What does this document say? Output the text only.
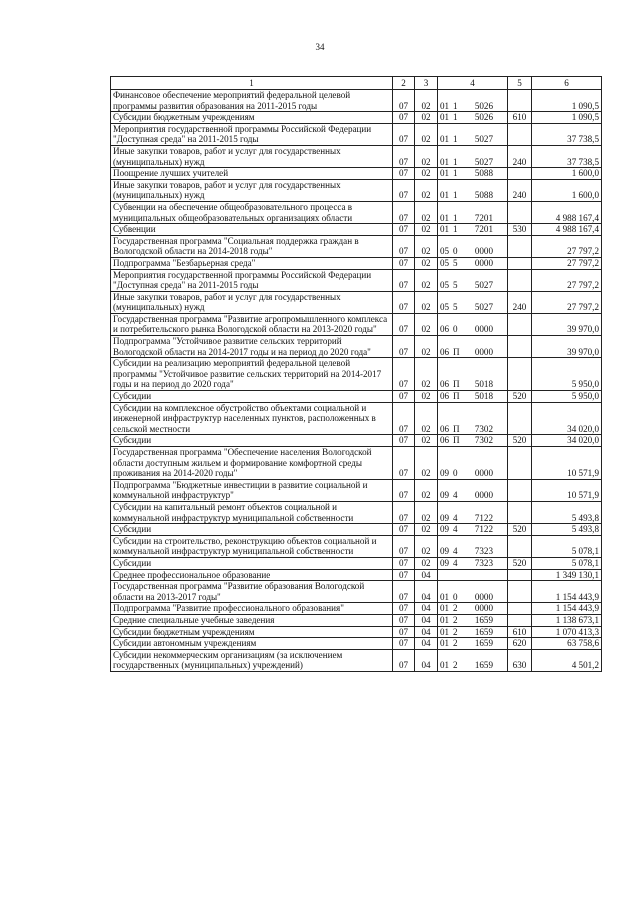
34
1	2	3	4	5	6
Финансовое обеспечение мероприятий федеральной целевой программы развития образования на 2011-2015 годы	07	02	01 1 5026		1 090,5
Субсидии бюджетным учреждениям	07	02	01 1 5026	610	1 090,5
Мероприятия государственной программы Российской Федерации "Доступная среда" на 2011-2015 годы	07	02	01 1 5027		37 738,5
Иные закупки товаров, работ и услуг для государственных (муниципальных) нужд	07	02	01 1 5027	240	37 738,5
Поощрение лучших учителей	07	02	01 1 5088		1 600,0
Иные закупки товаров, работ и услуг для государственных (муниципальных) нужд	07	02	01 1 5088	240	1 600,0
Субвенции на обеспечение общеобразовательного процесса в муниципальных общеобразовательных организациях области	07	02	01 1 7201		4 988 167,4
Субвенции	07	02	01 1 7201	530	4 988 167,4
Государственная программа "Социальная поддержка граждан в Вологодской области на 2014-2018 годы"	07	02	05 0 0000		27 797,2
Подпрограмма "Безбарьерная среда"	07	02	05 5 0000		27 797,2
Мероприятия государственной программы Российской Федерации "Доступная среда" на 2011-2015 годы	07	02	05 5 5027		27 797,2
Иные закупки товаров, работ и услуг для государственных (муниципальных) нужд	07	02	05 5 5027	240	27 797,2
Государственная программа "Развитие агропромышленного комплекса и потребительского рынка Вологодской области на 2013-2020 годы"	07	02	06 0 0000		39 970,0
Подпрограмма "Устойчивое развитие сельских территорий Вологодской области на 2014-2017 годы и на период до 2020 года"	07	02	06 П 0000		39 970,0
Субсидии на реализацию мероприятий федеральной целевой программы "Устойчивое развитие сельских территорий на 2014-2017 годы и на период до 2020 года"	07	02	06 П 5018		5 950,0
Субсидии	07	02	06 П 5018	520	5 950,0
Субсидии на комплексное обустройство объектами социальной и инженерной инфраструктур населенных пунктов, расположенных в сельской местности	07	02	06 П 7302		34 020,0
Субсидии	07	02	06 П 7302	520	34 020,0
Государственная программа "Обеспечение населения Вологодской области доступным жильем и формирование комфортной среды проживания на 2014-2020 годы"	07	02	09 0 0000		10 571,9
Подпрограмма "Бюджетные инвестиции в развитие социальной и коммунальной инфраструктур"	07	02	09 4 0000		10 571,9
Субсидии на капитальный ремонт объектов социальной и коммунальной инфраструктур муниципальной собственности	07	02	09 4 7122		5 493,8
Субсидии	07	02	09 4 7122	520	5 493,8
Субсидии на строительство, реконструкцию объектов социальной и коммунальной инфраструктур муниципальной собственности	07	02	09 4 7323		5 078,1
Субсидии	07	02	09 4 7323	520	5 078,1
Среднее профессиональное образование	07	04			1 349 130,1
Государственная программа "Развитие образования Вологодской области на 2013-2017 годы"	07	04	01 0 0000		1 154 443,9
Подпрограмма "Развитие профессионального образования"	07	04	01 2 0000		1 154 443,9
Средние специальные учебные заведения	07	04	01 2 1659		1 138 673,1
Субсидии бюджетным учреждениям	07	04	01 2 1659	610	1 070 413,3
Субсидии автономным учреждениям	07	04	01 2 1659	620	63 758,6
Субсидии некоммерческим организациям (за исключением государственных (муниципальных) учреждений)	07	04	01 2 1659	630	4 501,2
